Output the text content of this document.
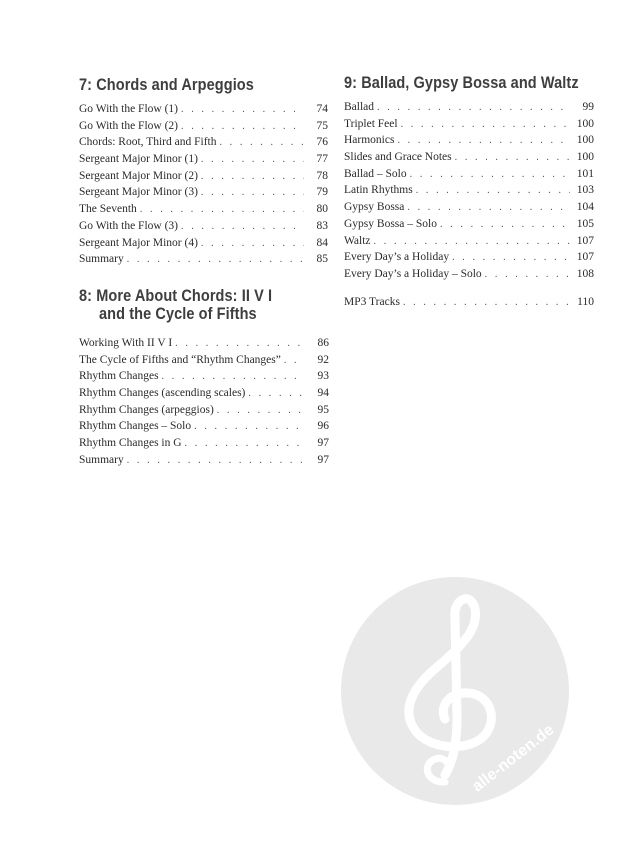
7: Chords and Arpeggios
Go With the Flow (1) . . .	74
Go With the Flow (2) . . .	75
Chords: Root, Third and Fifth . . .	76
Sergeant Major Minor (1) . . .	77
Sergeant Major Minor (2) . . .	78
Sergeant Major Minor (3) . . .	79
The Seventh . . .	80
Go With the Flow (3) . . .	83
Sergeant Major Minor (4) . . .	84
Summary . . .	85
8: More About Chords: II V I
and the Cycle of Fifths
Working With II V I . . .	86
The Cycle of Fifths and “Rhythm Changes” . . .	92
Rhythm Changes . . .	93
Rhythm Changes (ascending scales) . . .	94
Rhythm Changes (arpeggios) . . .	95
Rhythm Changes – Solo . . .	96
Rhythm Changes in G . . .	97
Summary . . .	97
9: Ballad, Gypsy Bossa and Waltz
Ballad . . .	99
Triplet Feel . . .	100
Harmonics . . .	100
Slides and Grace Notes . . .	100
Ballad – Solo . . .	101
Latin Rhythms . . .	103
Gypsy Bossa . . .	104
Gypsy Bossa – Solo . . .	105
Waltz . . .	107
Every Day’s a Holiday . . .	107
Every Day’s a Holiday – Solo . . .	108
MP3 Tracks . . .	110
alle-noten.de
